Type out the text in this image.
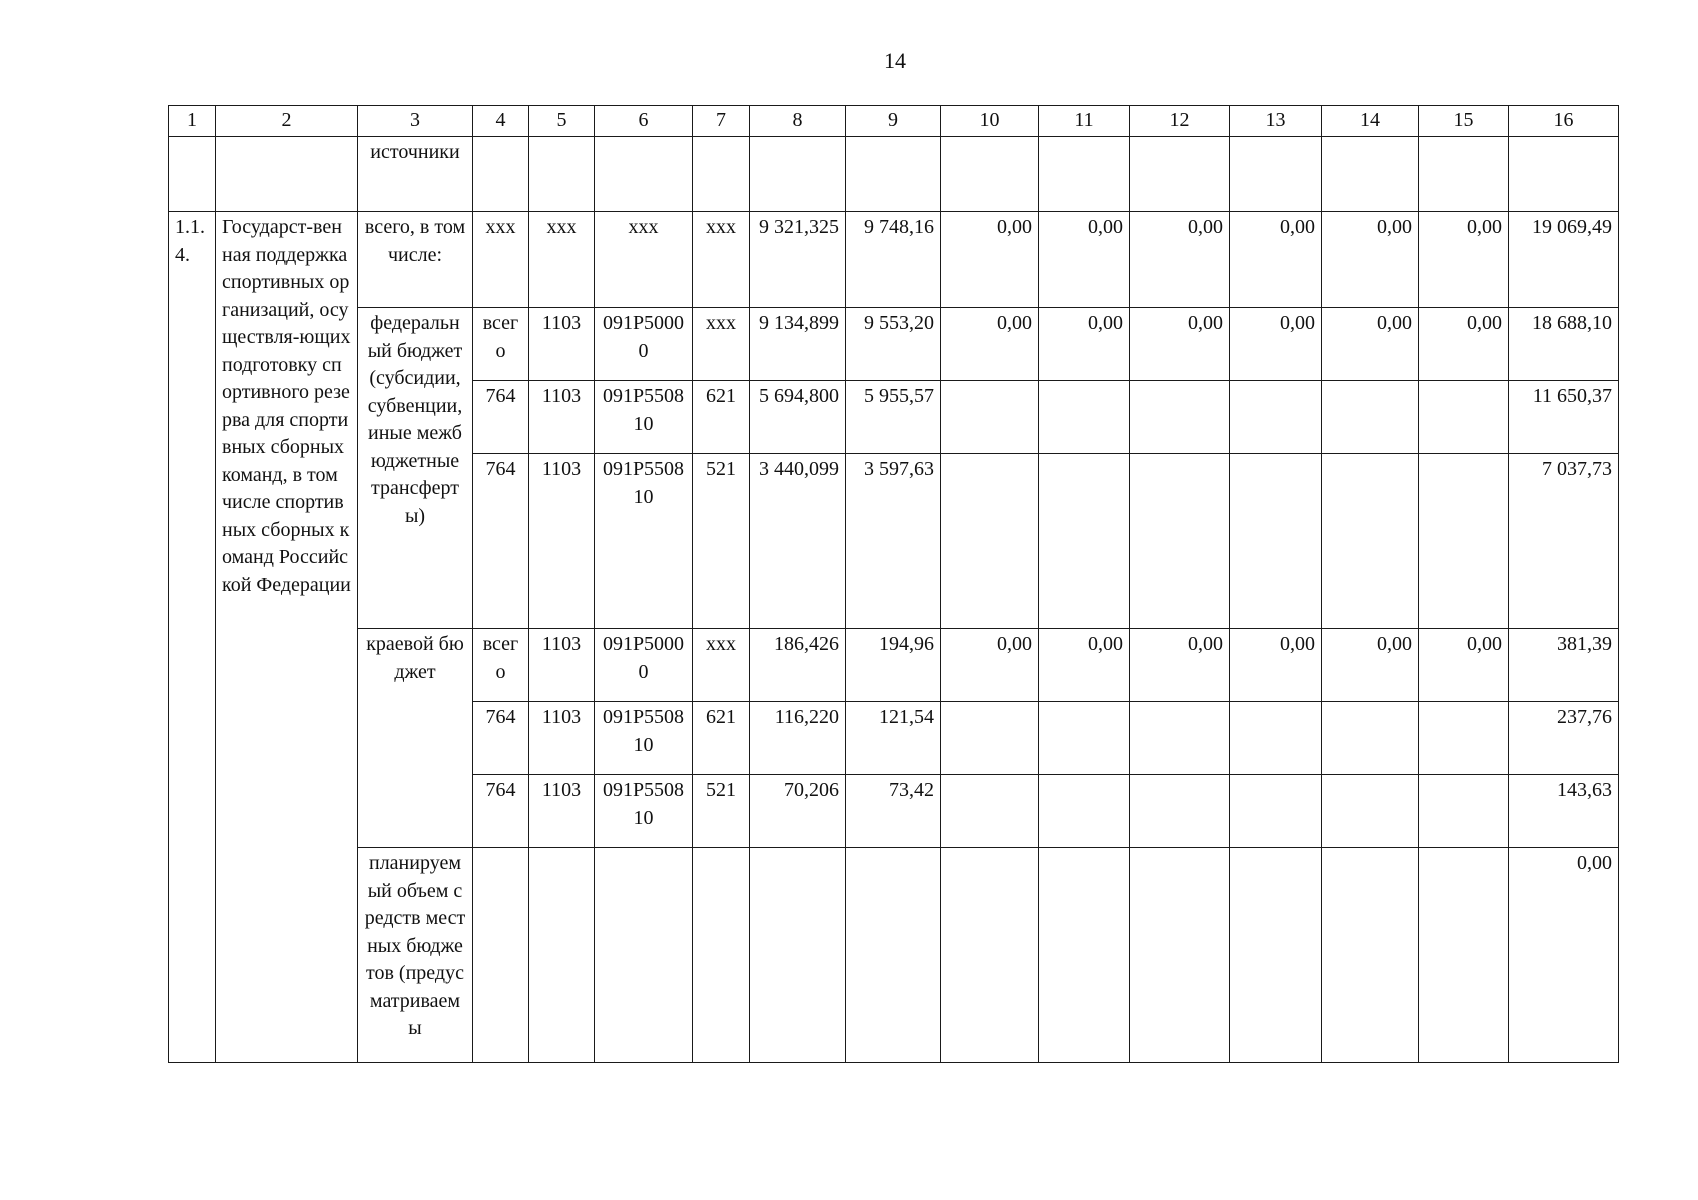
14
1	2	3	4	5	6	7	8	9	10	11	12	13	14	15	16
		источники													
1.1.4.	Государст-венная поддержка спортивных организаций, осуществля-ющих подготовку спортивного резерва для спортивных сборных команд, в том числе спортивных сборных команд Российской Федерации	всего, в том числе:	xxx	xxx	xxx	xxx	9 321,325	9 748,16	0,00	0,00	0,00	0,00	0,00	0,00	19 069,49
		федеральный бюджет (субсидии, субвенции, иные межбюджетные трансферты)	всего	1103	091P50000	xxx	9 134,899	9 553,20	0,00	0,00	0,00	0,00	0,00	0,00	18 688,10
			764	1103	091P550810	621	5 694,800	5 955,57							11 650,37
			764	1103	091P550810	521	3 440,099	3 597,63							7 037,73
		краевой бюджет	всего	1103	091P50000	xxx	186,426	194,96	0,00	0,00	0,00	0,00	0,00	0,00	381,39
			764	1103	091P550810	621	116,220	121,54							237,76
			764	1103	091P550810	521	70,206	73,42							143,63
		планируемый объем средств местных бюджетов (предусматриваемы													0,00
